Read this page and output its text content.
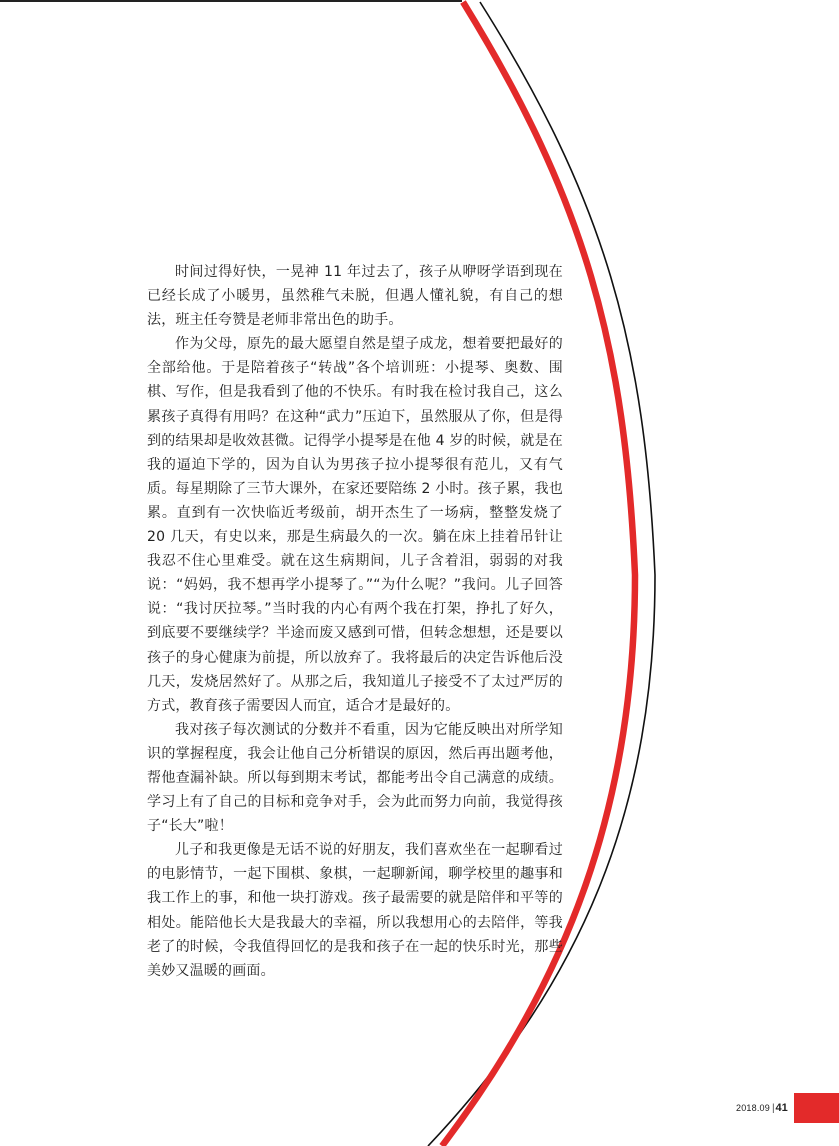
时间过得好快，一晃神 11 年过去了，孩子从咿呀学语到现在已经长成了小暖男，虽然稚气未脱，但遇人懂礼貌，有自己的想法，班主任夸赞是老师非常出色的助手。

作为父母，原先的最大愿望自然是望子成龙，想着要把最好的全部给他。于是陪着孩子“转战”各个培训班：小提琴、奥数、围棋、写作，但是我看到了他的不快乐。有时我在检讨我自己，这么累孩子真得有用吗？在这种“武力”压迫下，虽然服从了你，但是得到的结果却是收效甚微。记得学小提琴是在他 4 岁的时候，就是在我的逼迫下学的，因为自认为男孩子拉小提琴很有范儿，又有气质。每星期除了三节大课外，在家还要陪练 2 小时。孩子累，我也累。直到有一次快临近考级前，胡开杰生了一场病，整整发烧了 20 几天，有史以来，那是生病最久的一次。躺在床上挂着吊针让我忍不住心里难受。就在这生病期间，儿子含着泪，弱弱的对我说：“妈妈，我不想再学小提琴了。”“为什么呢？”我问。儿子回答说：“我讨厌拉琴。”当时我的内心有两个我在打架，挣扎了好久，到底要不要继续学？半途而废又感到可惜，但转念想想，还是要以孩子的身心健康为前提，所以放弃了。我将最后的决定告诉他后没几天，发烧居然好了。从那之后，我知道儿子接受不了太过严厉的方式，教育孩子需要因人而宜，适合才是最好的。

我对孩子每次测试的分数并不看重，因为它能反映出对所学知识的掌握程度，我会让他自己分析错误的原因，然后再出题考他，帮他查漏补缺。所以每到期末考试，都能考出令自己满意的成绩。学习上有了自己的目标和竞争对手，会为此而努力向前，我觉得孩子“长大”啦！

儿子和我更像是无话不说的好朋友，我们喜欢坐在一起聊看过的电影情节，一起下围棋、象棋，一起聊新闻，聊学校里的趣事和我工作上的事，和他一块打游戏。孩子最需要的就是陪伴和平等的相处。能陪他长大是我最大的幸福，所以我想用心的去陪伴，等我老了的时候，令我值得回忆的是我和孩子在一起的快乐时光，那些美妙又温暖的画面。

2018.09 | 41
